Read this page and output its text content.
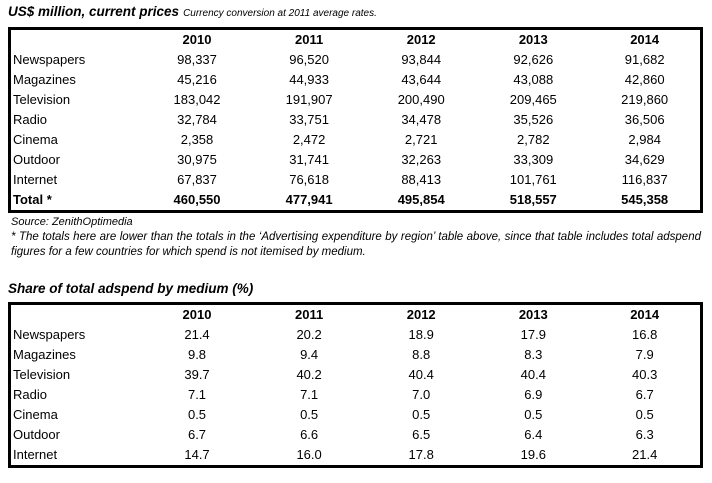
US$ million, current prices Currency conversion at 2011 average rates.
	2010	2011	2012	2013	2014
Newspapers	98,337	96,520	93,844	92,626	91,682
Magazines	45,216	44,933	43,644	43,088	42,860
Television	183,042	191,907	200,490	209,465	219,860
Radio	32,784	33,751	34,478	35,526	36,506
Cinema	2,358	2,472	2,721	2,782	2,984
Outdoor	30,975	31,741	32,263	33,309	34,629
Internet	67,837	76,618	88,413	101,761	116,837
Total *	460,550	477,941	495,854	518,557	545,358
Source: ZenithOptimedia
* The totals here are lower than the totals in the ‘Advertising expenditure by region’ table above, since that table includes total adspend figures for a few countries for which spend is not itemised by medium.
Share of total adspend by medium (%)
	2010	2011	2012	2013	2014
Newspapers	21.4	20.2	18.9	17.9	16.8
Magazines	9.8	9.4	8.8	8.3	7.9
Television	39.7	40.2	40.4	40.4	40.3
Radio	7.1	7.1	7.0	6.9	6.7
Cinema	0.5	0.5	0.5	0.5	0.5
Outdoor	6.7	6.6	6.5	6.4	6.3
Internet	14.7	16.0	17.8	19.6	21.4
